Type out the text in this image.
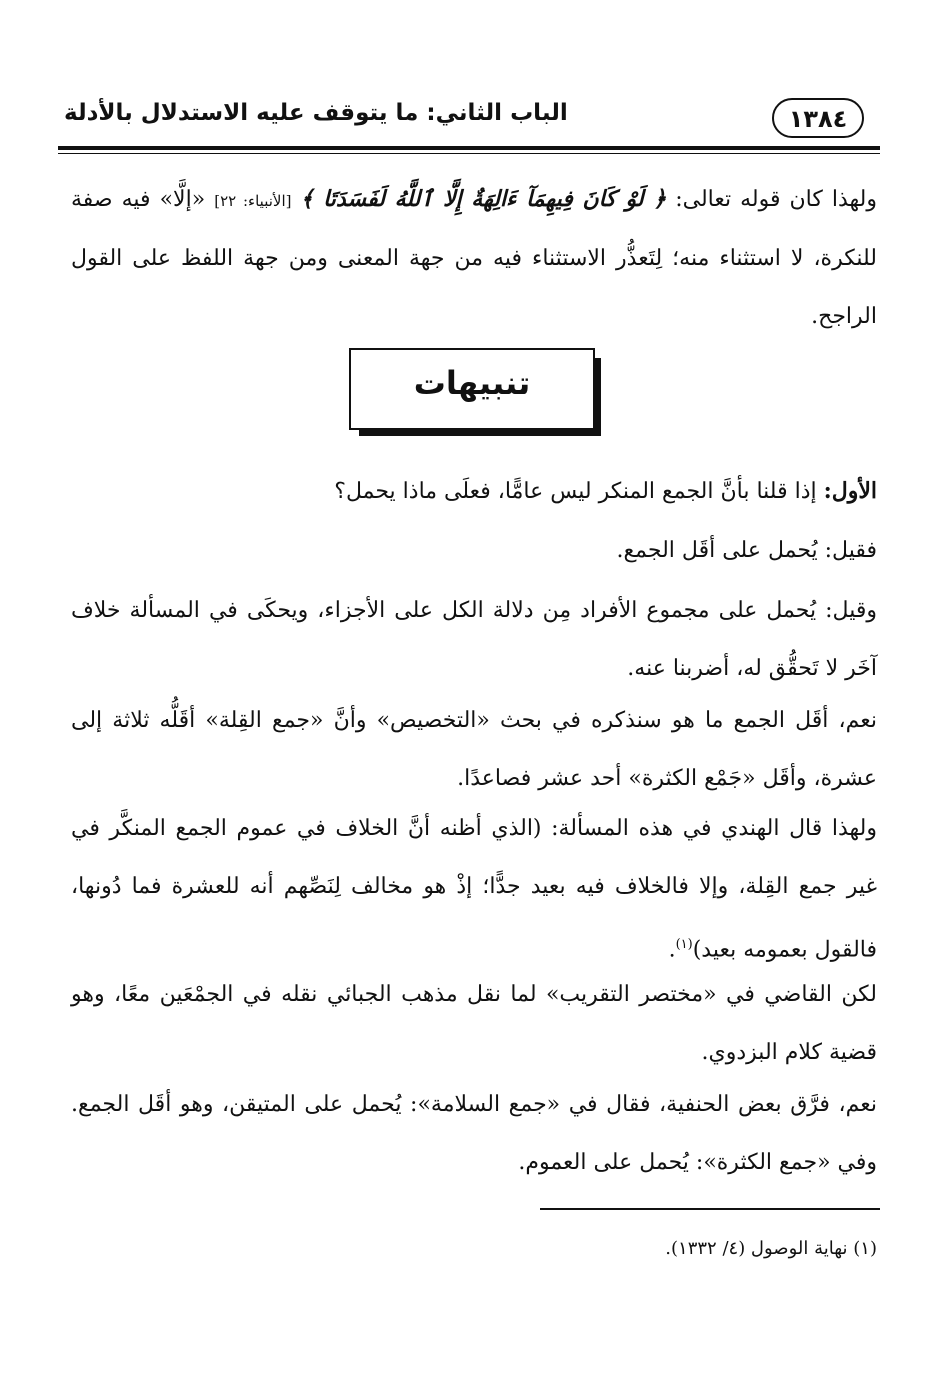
١٣٨٤
الباب الثاني: ما يتوقف عليه الاستدلال بالأدلة

ولهذا كان قوله تعالى: ﴿ لَوْ كَانَ فِيهِمَآ ءَالِهَةٌ إِلَّا ٱللَّهُ لَفَسَدَتَا ﴾ [الأنبياء: ٢٢] «إلَّا» فيه صفة للنكرة، لا استثناء منه؛ لِتَعذُّر الاستثناء فيه من جهة المعنى ومن جهة اللفظ على القول الراجح.

تنبيهات

الأول: إذا قلنا بأنَّ الجمع المنكر ليس عامًّا، فعلَى ماذا يحمل؟

فقيل: يُحمل على أقَل الجمع.

وقيل: يُحمل على مجموع الأفراد مِن دلالة الكل على الأجزاء، ويحكَى في المسألة خلاف آخَر لا تَحقُّق له، أضربنا عنه.

نعم، أقَل الجمع ما هو سنذكره في بحث «التخصيص» وأنَّ «جمع القِلة» أقَلُّه ثلاثة إلى عشرة، وأقَل «جَمْع الكثرة» أحد عشر فصاعدًا.

ولهذا قال الهندي في هذه المسألة: (الذي أظنه أنَّ الخلاف في عموم الجمع المنكَّر في غير جمع القِلة، وإلا فالخلاف فيه بعيد جدًّا؛ إذْ هو مخالف لِنَصِّهم أنه للعشرة فما دُونها، فالقول بعمومه بعيد)$^{(١)}$.

لكن القاضي في «مختصر التقريب» لما نقل مذهب الجبائي نقله في الجمْعَين معًا، وهو قضية كلام البزدوي.

نعم، فرَّق بعض الحنفية، فقال في «جمع السلامة»: يُحمل على المتيقن، وهو أقَل الجمع. وفي «جمع الكثرة»: يُحمل على العموم.

(١) نهاية الوصول (٤/ ١٣٣٢).
